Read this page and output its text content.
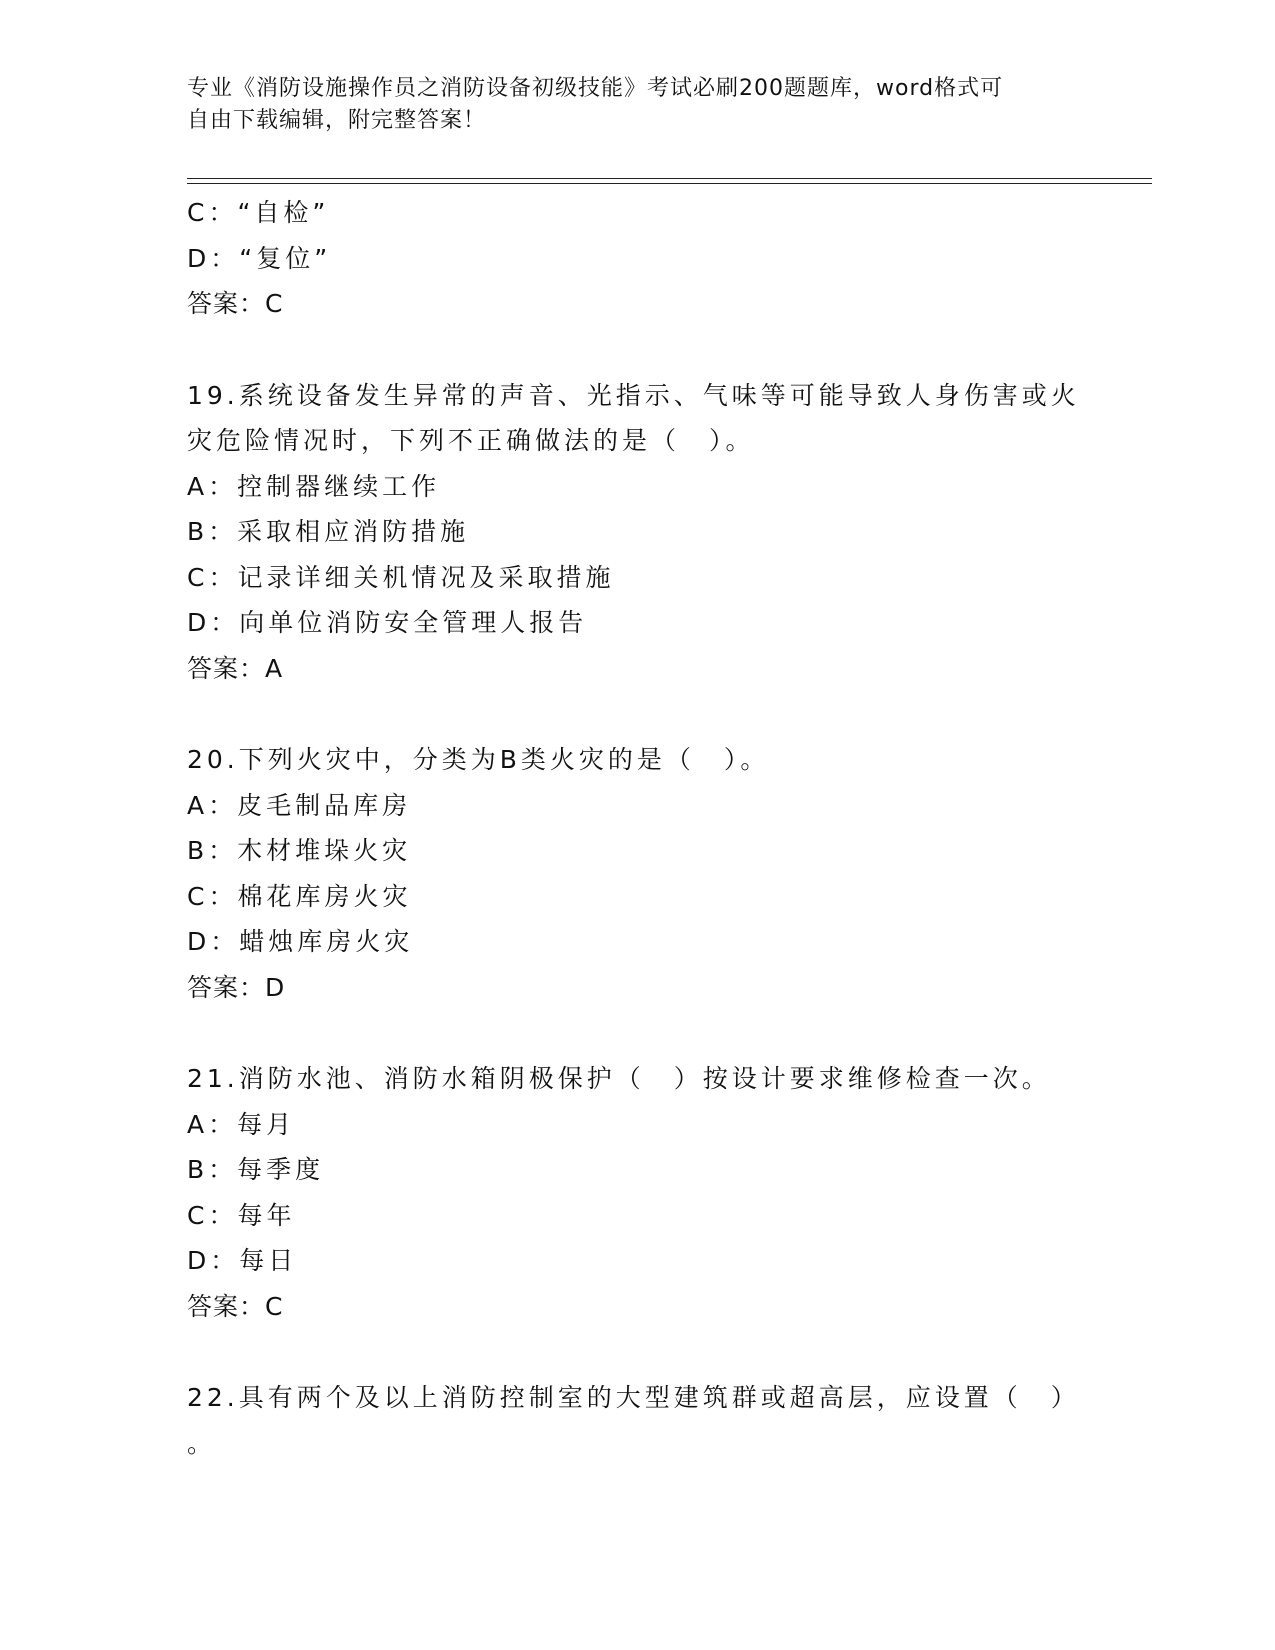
专业《消防设施操作员之消防设备初级技能》考试必刷200题题库，word格式可
自由下载编辑，附完整答案！
C：“自检”
D：“复位”
答案：C
19.系统设备发生异常的声音、光指示、气味等可能导致人身伤害或火
灾危险情况时，下列不正确做法的是（　）。
A：控制器继续工作
B：采取相应消防措施
C：记录详细关机情况及采取措施
D：向单位消防安全管理人报告
答案：A
20.下列火灾中，分类为B类火灾的是（　）。
A：皮毛制品库房
B：木材堆垛火灾
C：棉花库房火灾
D：蜡烛库房火灾
答案：D
21.消防水池、消防水箱阴极保护（　）按设计要求维修检查一次。
A：每月
B：每季度
C：每年
D：每日
答案：C
22.具有两个及以上消防控制室的大型建筑群或超高层，应设置（　）
。
